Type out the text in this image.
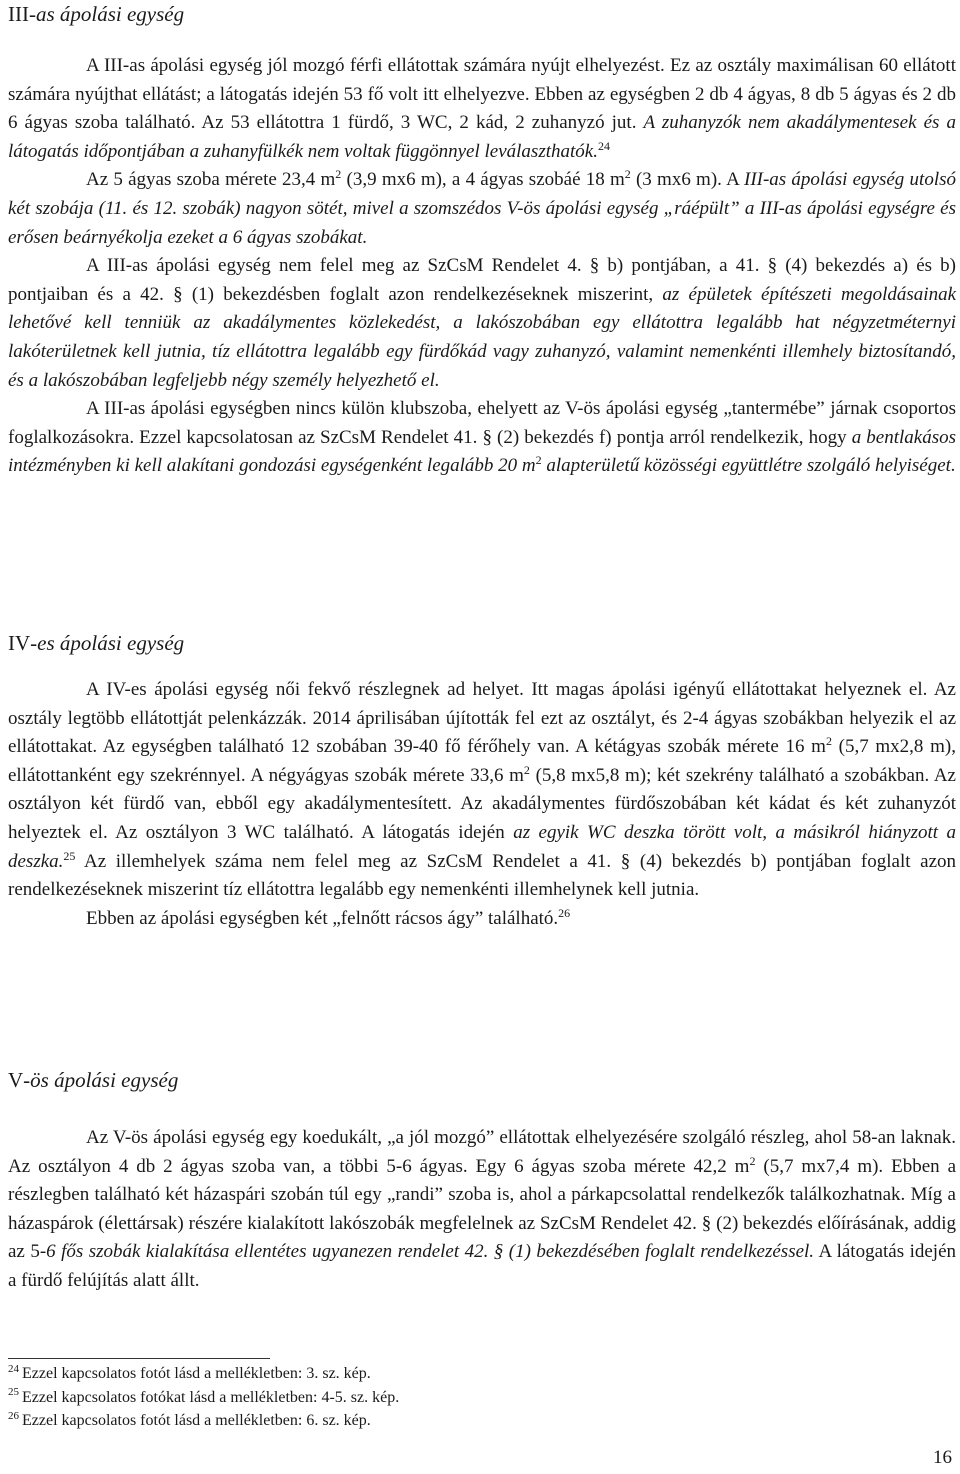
III-as ápolási egység

A III-as ápolási egység jól mozgó férfi ellátottak számára nyújt elhelyezést. Ez az osztály maximálisan 60 ellátott számára nyújthat ellátást; a látogatás idején 53 fő volt itt elhelyezve. Ebben az egységben 2 db 4 ágyas, 8 db 5 ágyas és 2 db 6 ágyas szoba található. Az 53 ellátottra 1 fürdő, 3 WC, 2 kád, 2 zuhanyzó jut. A zuhanyzók nem akadálymentesek és a látogatás időpontjában a zuhanyfülkék nem voltak függönnyel leválaszthatók.$^{24}$

Az 5 ágyas szoba mérete 23,4 $m^2$ (3,9 mx6 m), a 4 ágyas szobáé 18 $m^2$ (3 mx6 m). A III-as ápolási egység utolsó két szobája (11. és 12. szobák) nagyon sötét, mivel a szomszédos V-ös ápolási egység „ráépült” a III-as ápolási egységre és erősen beárnyékolja ezeket a 6 ágyas szobákat.

A III-as ápolási egység nem felel meg az SzCsM Rendelet 4. § b) pontjában, a 41. § (4) bekezdés a) és b) pontjaiban és a 42. § (1) bekezdésben foglalt azon rendelkezéseknek miszerint, az épületek építészeti megoldásainak lehetővé kell tenniük az akadálymentes közlekedést, a lakószobában egy ellátottra legalább hat négyzetméternyi lakóterületnek kell jutnia, tíz ellátottra legalább egy fürdőkád vagy zuhanyzó, valamint nemenkénti illemhely biztosítandó, és a lakószobában legfeljebb négy személy helyezhető el.

A III-as ápolási egységben nincs külön klubszoba, ehelyett az V-ös ápolási egység „tantermébe” járnak csoportos foglalkozásokra. Ezzel kapcsolatosan az SzCsM Rendelet 41. § (2) bekezdés f) pontja arról rendelkezik, hogy a bentlakásos intézményben ki kell alakítani gondozási egységenként legalább 20 $m^2$ alapterületű közösségi együttlétre szolgáló helyiséget.

IV-es ápolási egység

A IV-es ápolási egység női fekvő részlegnek ad helyet. Itt magas ápolási igényű ellátottakat helyeznek el. Az osztály legtöbb ellátottját pelenkázzák. 2014 áprilisában újították fel ezt az osztályt, és 2-4 ágyas szobákban helyezik el az ellátottakat. Az egységben található 12 szobában 39-40 fő férőhely van. A kétágyas szobák mérete 16 $m^2$ (5,7 mx2,8 m), ellátottanként egy szekrénnyel. A négyágyas szobák mérete 33,6 $m^2$ (5,8 mx5,8 m); két szekrény található a szobákban. Az osztályon két fürdő van, ebből egy akadálymentesített. Az akadálymentes fürdőszobában két kádat és két zuhanyzót helyeztek el. Az osztályon 3 WC található. A látogatás idején az egyik WC deszka törött volt, a másikról hiányzott a deszka.$^{25}$ Az illemhelyek száma nem felel meg az SzCsM Rendelet a 41. § (4) bekezdés b) pontjában foglalt azon rendelkezéseknek miszerint tíz ellátottra legalább egy nemenkénti illemhelynek kell jutnia.

Ebben az ápolási egységben két „felnőtt rácsos ágy” található.$^{26}$

V-ös ápolási egység

Az V-ös ápolási egység egy koedukált, „a jól mozgó” ellátottak elhelyezésére szolgáló részleg, ahol 58-an laknak. Az osztályon 4 db 2 ágyas szoba van, a többi 5-6 ágyas. Egy 6 ágyas szoba mérete 42,2 $m^2$ (5,7 mx7,4 m). Ebben a részlegben található két házaspári szobán túl egy „randi” szoba is, ahol a párkapcsolattal rendelkezők találkozhatnak. Míg a házaspárok (élettársak) részére kialakított lakószobák megfelelnek az SzCsM Rendelet 42. § (2) bekezdés előírásának, addig az 5-6 fős szobák kialakítása ellentétes ugyanezen rendelet 42. § (1) bekezdésében foglalt rendelkezéssel. A látogatás idején a fürdő felújítás alatt állt.

$^{24}$ Ezzel kapcsolatos fotót lásd a mellékletben: 3. sz. kép.

$^{25}$ Ezzel kapcsolatos fotókat lásd a mellékletben: 4-5. sz. kép.

$^{26}$ Ezzel kapcsolatos fotót lásd a mellékletben: 6. sz. kép.

16
